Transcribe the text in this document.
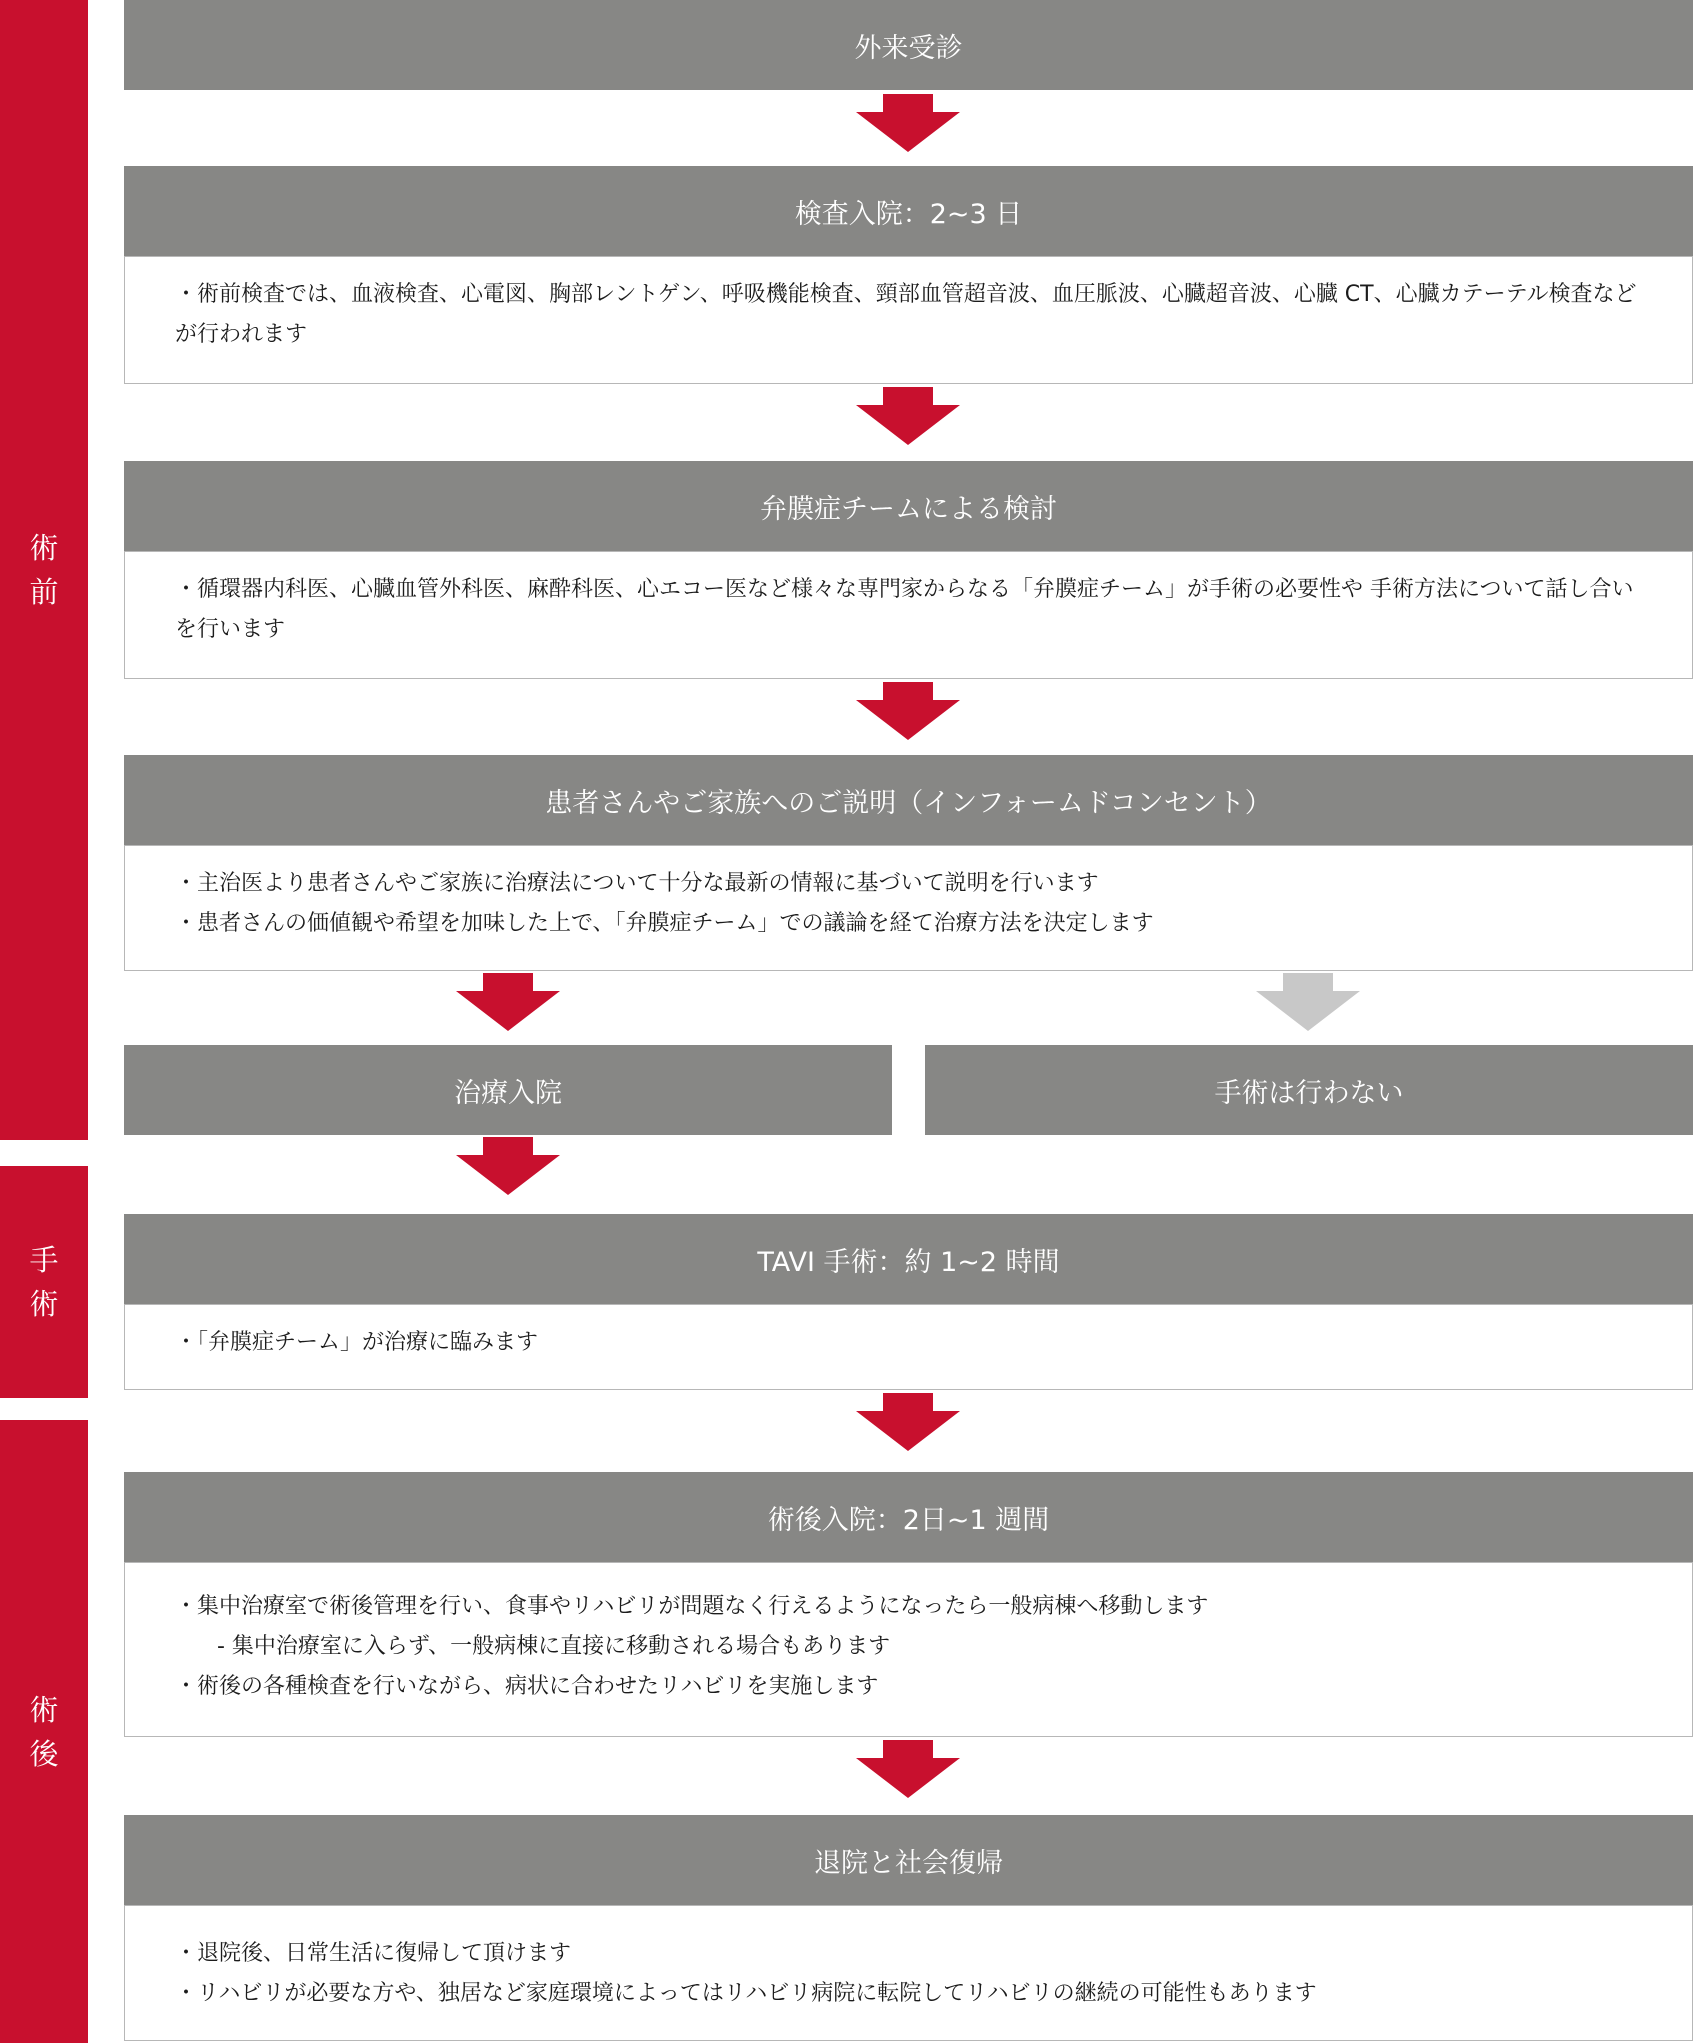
術前
手術
術後
外来受診
検査入院：2~3 日
・術前検査では、血液検査、心電図、胸部レントゲン、呼吸機能検査、頸部血管超音波、血圧脈波、心臓超音波、心臓 CT、心臓カテーテル検査などが行われます
弁膜症チームによる検討
・循環器内科医、心臓血管外科医、麻酔科医、心エコー医など様々な専門家からなる「弁膜症チーム」が手術の必要性や 手術方法について話し合いを行います
患者さんやご家族へのご説明（インフォームドコンセント）
・主治医より患者さんやご家族に治療法について十分な最新の情報に基づいて説明を行います
・患者さんの価値観や希望を加味した上で、「弁膜症チーム」での議論を経て治療方法を決定します
治療入院	手術は行わない
TAVI 手術：約 1~2 時間
・「弁膜症チーム」が治療に臨みます
術後入院：2日~1 週間
・集中治療室で術後管理を行い、食事やリハビリが問題なく行えるようになったら一般病棟へ移動します
- 集中治療室に入らず、一般病棟に直接に移動される場合もあります
・術後の各種検査を行いながら、病状に合わせたリハビリを実施します
退院と社会復帰
・退院後、日常生活に復帰して頂けます
・リハビリが必要な方や、独居など家庭環境によってはリハビリ病院に転院してリハビリの継続の可能性もあります
